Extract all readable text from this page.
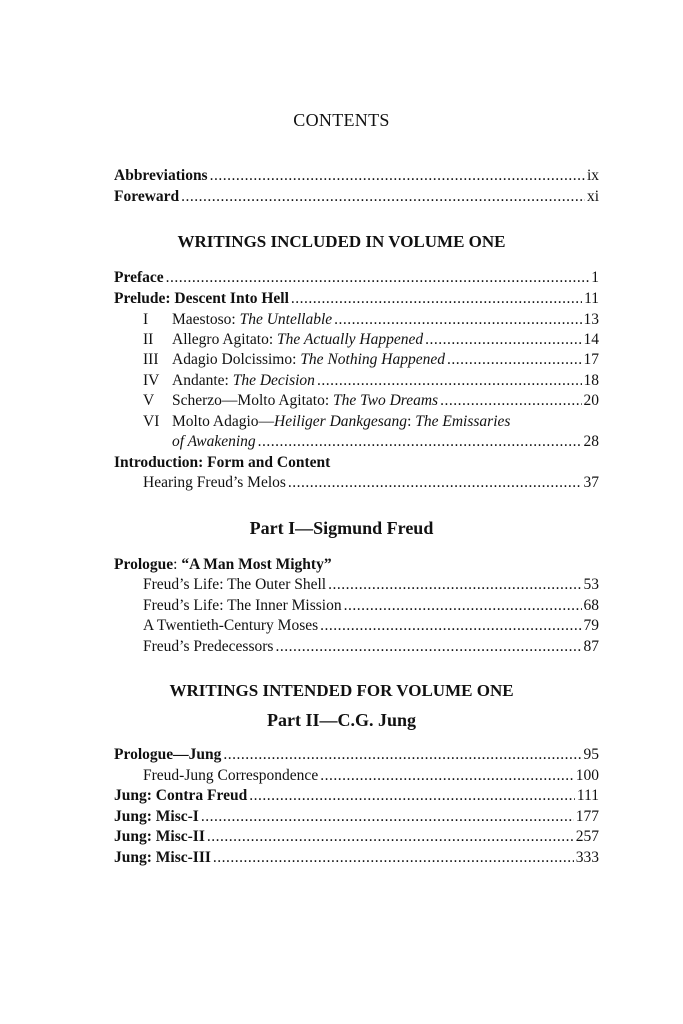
CONTENTS
Abbreviations .....	ix
Foreward .....	xi
WRITINGS INCLUDED IN VOLUME ONE
Preface .....	1
Prelude: Descent Into Hell .....	11
I	Maestoso: The Untellable .....	13
II	Allegro Agitato: The Actually Happened .....	14
III Adagio Dolcissimo: The Nothing Happened .....	17
IV Andante: The Decision .....	18
V	Scherzo—Molto Agitato: The Two Dreams .....	20
VI Molto Adagio—Heiliger Dankgesang: The Emissaries
of Awakening .....	28
Introduction: Form and Content
Hearing Freud’s Melos .....	37
Part I—Sigmund Freud
Prologue: “A Man Most Mighty”
Freud’s Life: The Outer Shell .....	53
Freud’s Life: The Inner Mission .....	68
A Twentieth-Century Moses .....	79
Freud’s Predecessors .....	87
WRITINGS INTENDED FOR VOLUME ONE
Part II—C.G. Jung
Prologue—Jung .....	95
Freud-Jung Correspondence .....	100
Jung: Contra Freud .....	111
Jung: Misc-I .....	177
Jung: Misc-II .....	257
Jung: Misc-III .....	333
